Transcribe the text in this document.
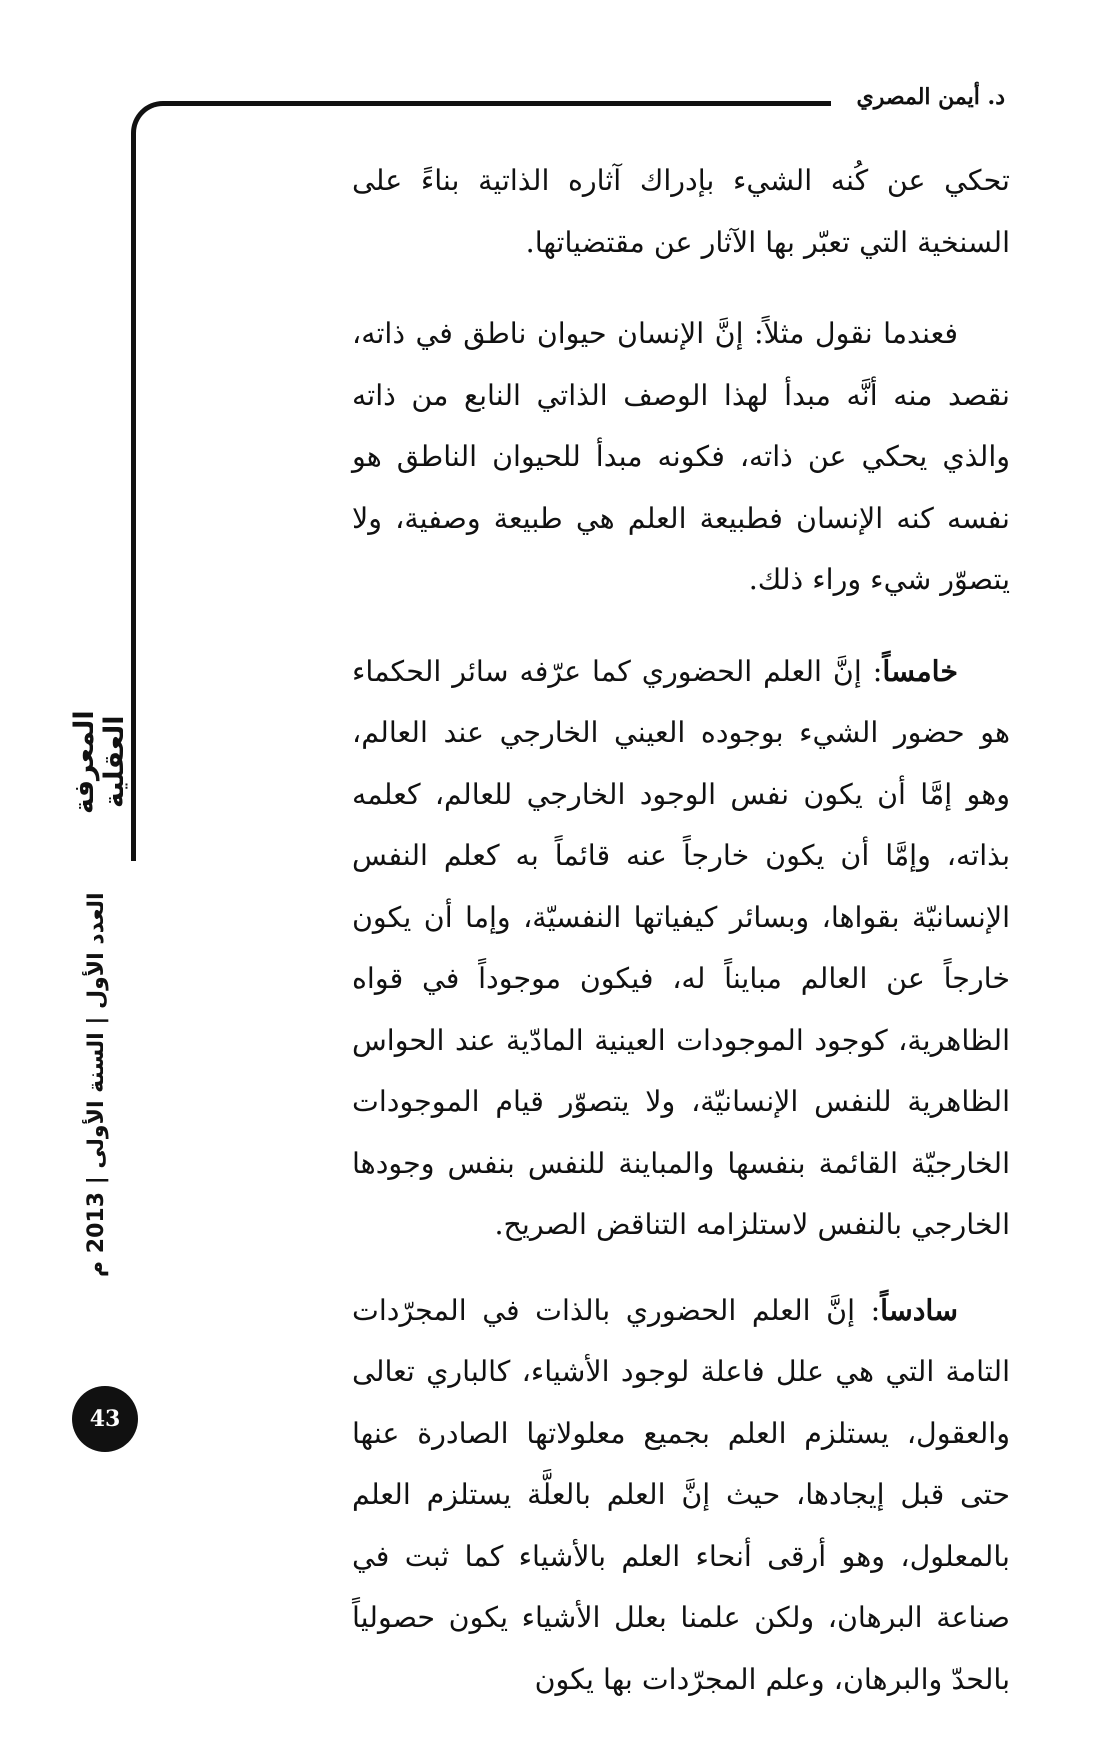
د. أيمن المصري
المعرفة العقلية
العدد الأول | السنة الأولى | 2013 م

تحكي عن كُنه الشيء بإدراك آثاره الذاتية بناءً على السنخية التي تعبّر بها الآثار عن مقتضياتها.

فعندما نقول مثلاً: إنَّ الإنسان حيوان ناطق في ذاته، نقصد منه أنَّه مبدأ لهذا الوصف الذاتي النابع من ذاته والذي يحكي عن ذاته، فكونه مبدأ للحيوان الناطق هو نفسه كنه الإنسان فطبيعة العلم هي طبيعة وصفية، ولا يتصوّر شيء وراء ذلك.

خامساً: إنَّ العلم الحضوري كما عرّفه سائر الحكماء هو حضور الشيء بوجوده العيني الخارجي عند العالم، وهو إمَّا أن يكون نفس الوجود الخارجي للعالم، كعلمه بذاته، وإمَّا أن يكون خارجاً عنه قائماً به كعلم النفس الإنسانيّة بقواها، وبسائر كيفياتها النفسيّة، وإما أن يكون خارجاً عن العالم مبايناً له، فيكون موجوداً في قواه الظاهرية، كوجود الموجودات العينية المادّية عند الحواس الظاهرية للنفس الإنسانيّة، ولا يتصوّر قيام الموجودات الخارجيّة القائمة بنفسها والمباينة للنفس بنفس وجودها الخارجي بالنفس لاستلزامه التناقض الصريح.

سادساً: إنَّ العلم الحضوري بالذات في المجرّدات التامة التي هي علل فاعلة لوجود الأشياء، كالباري تعالى والعقول، يستلزم العلم بجميع معلولاتها الصادرة عنها حتى قبل إيجادها، حيث إنَّ العلم بالعلَّة يستلزم العلم بالمعلول، وهو أرقى أنحاء العلم بالأشياء كما ثبت في صناعة البرهان، ولكن علمنا بعلل الأشياء يكون حصولياً بالحدّ والبرهان، وعلم المجرّدات بها يكون

43
